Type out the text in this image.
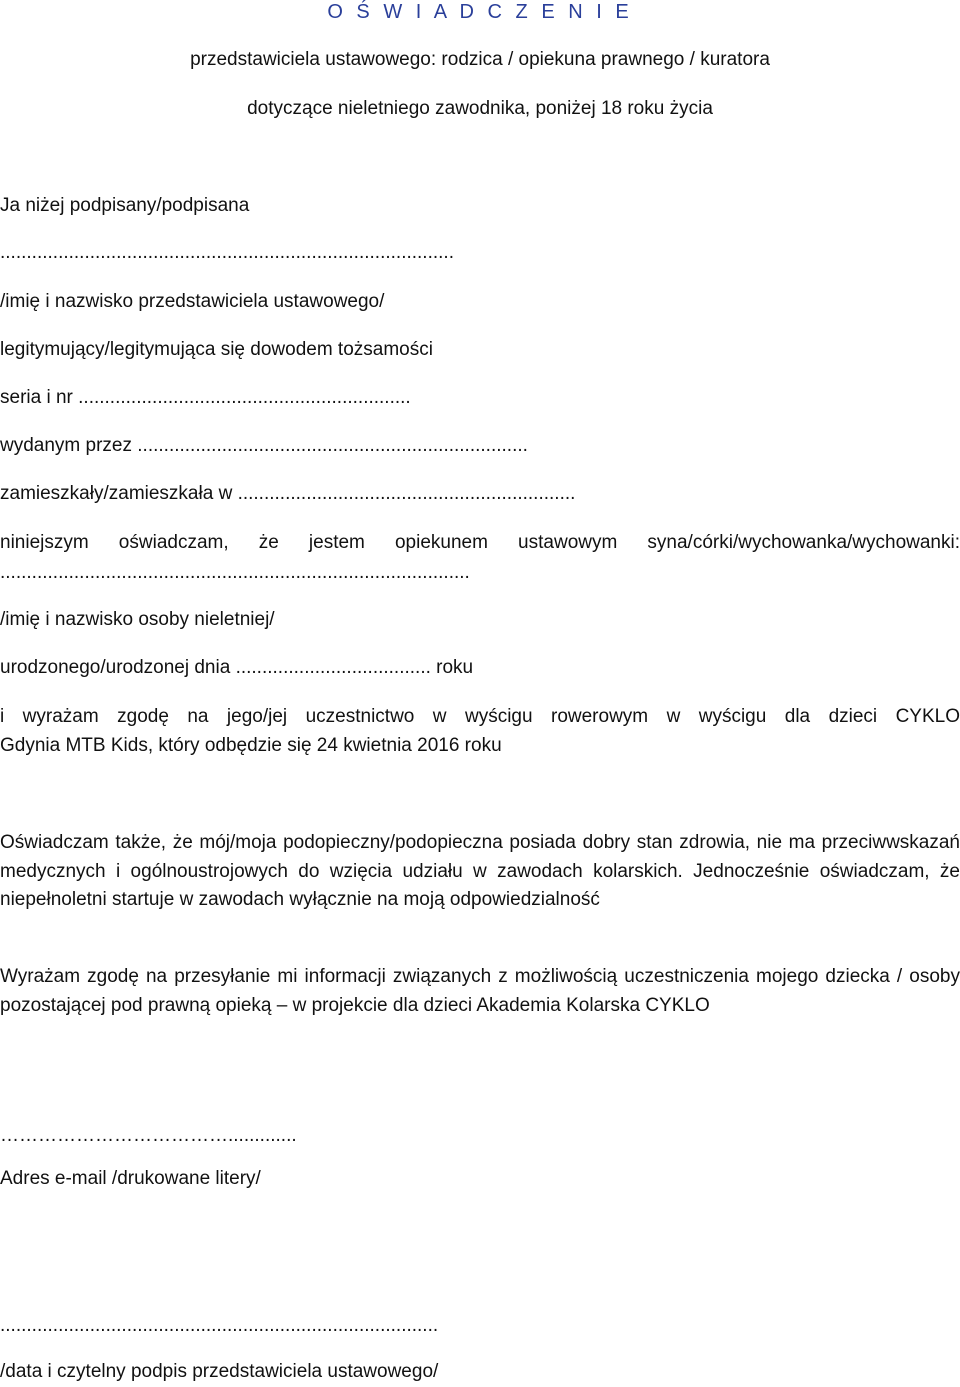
O Ś W I A D C Z E N I E

przedstawiciela ustawowego: rodzica / opiekuna prawnego / kuratora

dotyczące nieletniego zawodnika, poniżej 18 roku życia

Ja niżej podpisany/podpisana

......................................................................................

/imię i nazwisko przedstawiciela ustawowego/

legitymujący/legitymująca się dowodem tożsamości

seria i nr ...............................................................

wydanym przez ..........................................................................

zamieszkały/zamieszkała w ................................................................

niniejszym oświadczam, że jestem opiekunem ustawowym syna/córki/wychowanka/wychowanki:

.........................................................................................

/imię i nazwisko osoby nieletniej/

urodzonego/urodzonej dnia ..................................... roku

i wyrażam zgodę na jego/jej uczestnictwo w wyścigu rowerowym w wyścigu dla dzieci CYKLO

Gdynia MTB Kids, który odbędzie się 24 kwietnia 2016 roku

Oświadczam także, że mój/moja podopieczny/podopieczna posiada dobry stan zdrowia, nie ma przeciwwskazań medycznych i ogólnoustrojowych do wzięcia udziału w zawodach kolarskich. Jednocześnie oświadczam, że niepełnoletni startuje w zawodach wyłącznie na moją odpowiedzialność

Wyrażam zgodę na przesyłanie mi informacji związanych z możliwością uczestniczenia mojego dziecka / osoby pozostającej pod prawną opieką – w projekcie dla dzieci Akademia Kolarska CYKLO

……………………………….............

Adres e-mail /drukowane litery/

...................................................................................

/data i czytelny podpis przedstawiciela ustawowego/
